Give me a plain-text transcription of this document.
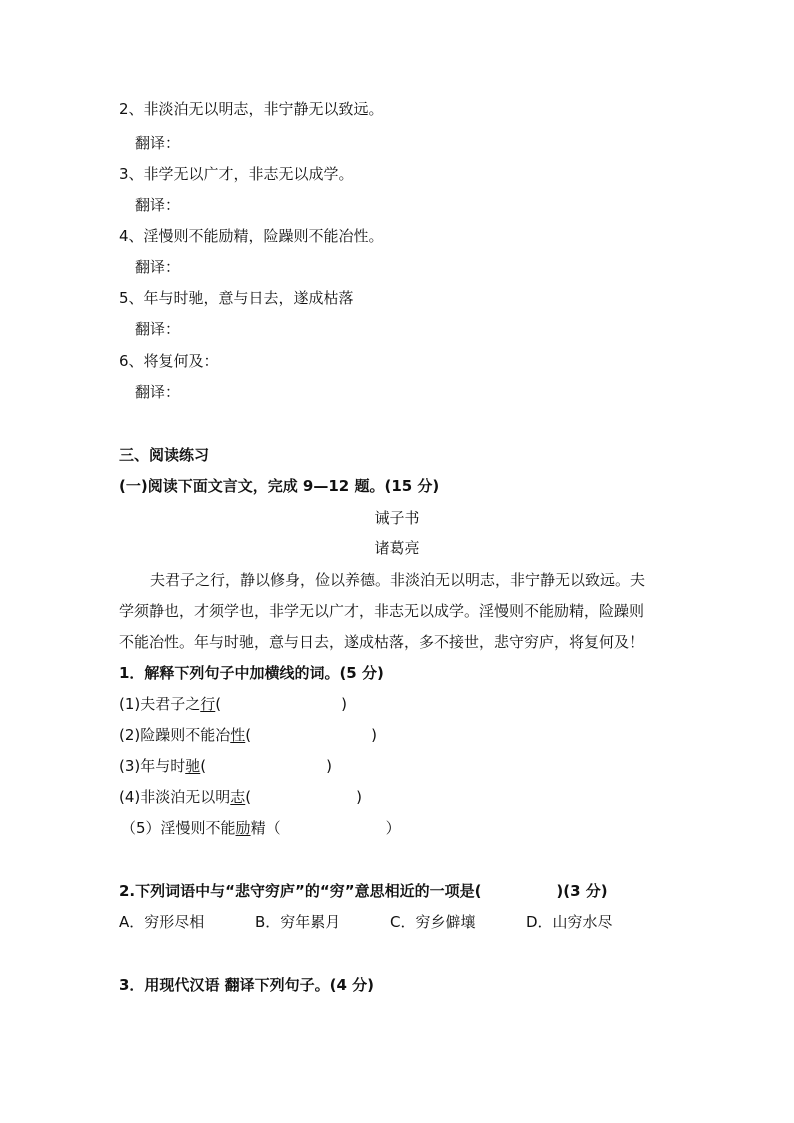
2、非淡泊无以明志，非宁静无以致远。
翻译：
3、非学无以广才，非志无以成学。
翻译：
4、淫慢则不能励精，险躁则不能冶性。
翻译：
5、年与时驰，意与日去，遂成枯落
翻译：
6、将复何及：
翻译：
三、阅读练习
(一)阅读下面文言文，完成 9—12 题。(15 分)
诫子书
诸葛亮
夫君子之行，静以修身，俭以养德。非淡泊无以明志，非宁静无以致远。夫
学须静也，才须学也，非学无以广才，非志无以成学。淫慢则不能励精，险躁则
不能冶性。年与时驰，意与日去，遂成枯落，多不接世，悲守穷庐，将复何及！
1．解释下列句子中加横线的词。(5 分)
(1)夫君子之行(　　　　　　　　)
(2)险躁则不能冶性(　　　　　　　　)
(3)年与时驰(　　　　　　　　)
(4)非淡泊无以明志(　　　　　　　)
（5）淫慢则不能励精（　　　　　　　）
2.下列词语中与“悲守穷庐”的“穷”意思相近的一项是(　　　　　)(3 分)
A．穷形尽相	B．穷年累月	C．穷乡僻壤	D．山穷水尽
3．用现代汉语 翻译下列句子。(4 分)
